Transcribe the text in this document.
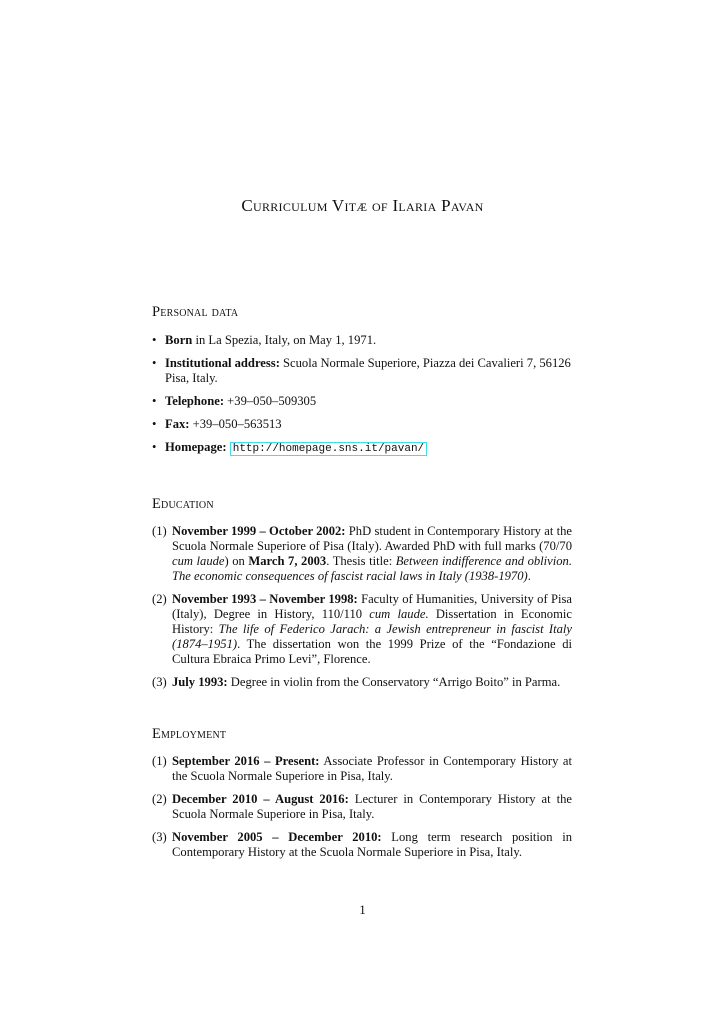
Curriculum Vitæ of Ilaria Pavan
Personal data
• Born in La Spezia, Italy, on May 1, 1971.
• Institutional address: Scuola Normale Superiore, Piazza dei Cavalieri 7, 56126 Pisa, Italy.
• Telephone: +39–050–509305
• Fax: +39–050–563513
• Homepage: http://homepage.sns.it/pavan/
Education
(1) November 1999 – October 2002: PhD student in Contemporary History at the Scuola Normale Superiore of Pisa (Italy). Awarded PhD with full marks (70/70 cum laude) on March 7, 2003. Thesis title: Between indifference and oblivion. The economic consequences of fascist racial laws in Italy (1938-1970).
(2) November 1993 – November 1998: Faculty of Humanities, University of Pisa (Italy), Degree in History, 110/110 cum laude. Dissertation in Economic History: The life of Federico Jarach: a Jewish entrepreneur in fascist Italy (1874–1951). The dissertation won the 1999 Prize of the “Fondazione di Cultura Ebraica Primo Levi”, Florence.
(3) July 1993: Degree in violin from the Conservatory “Arrigo Boito” in Parma.
Employment
(1) September 2016 – Present: Associate Professor in Contemporary History at the Scuola Normale Superiore in Pisa, Italy.
(2) December 2010 – August 2016: Lecturer in Contemporary History at the Scuola Normale Superiore in Pisa, Italy.
(3) November 2005 – December 2010: Long term research position in Contemporary History at the Scuola Normale Superiore in Pisa, Italy.
1
